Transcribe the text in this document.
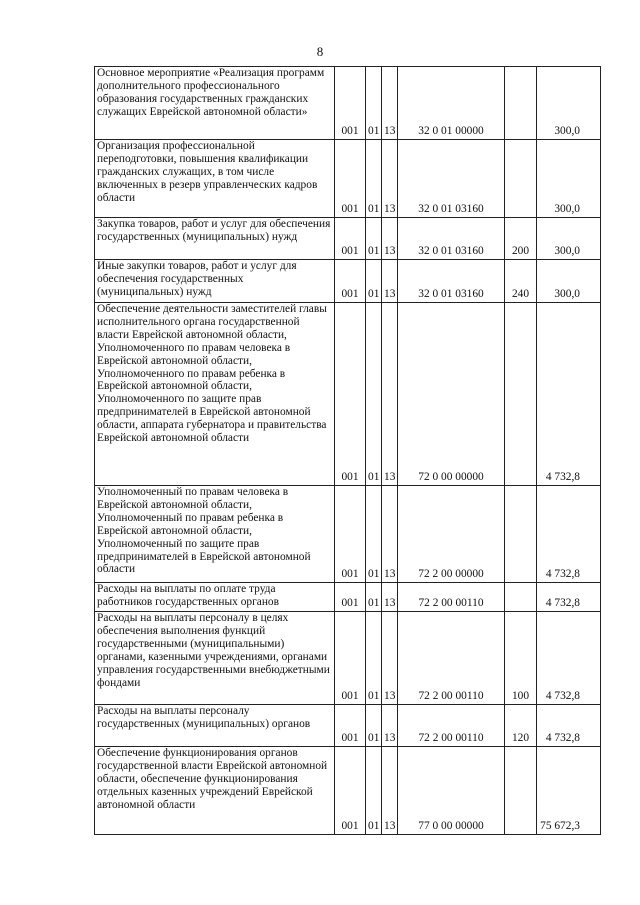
8
Основное мероприятие «Реализация программ дополнительного профессионального образования государственных гражданских служащих Еврейской автономной области»	001	01	13	32 0 01 00000		300,0
Организация профессиональной переподготовки, повышения квалификации гражданских служащих, в том числе включенных в резерв управленческих кадров области	001	01	13	32 0 01 03160		300,0
Закупка товаров, работ и услуг для обеспечения государственных (муниципальных) нужд	001	01	13	32 0 01 03160	200	300,0
Иные закупки товаров, работ и услуг для обеспечения государственных (муниципальных) нужд	001	01	13	32 0 01 03160	240	300,0
Обеспечение деятельности заместителей главы исполнительного органа государственной власти Еврейской автономной области, Уполномоченного по правам человека в Еврейской автономной области, Уполномоченного по правам ребенка в Еврейской автономной области, Уполномоченного по защите прав предпринимателей в Еврейской автономной области, аппарата губернатора и правительства Еврейской автономной области	001	01	13	72 0 00 00000		4 732,8
Уполномоченный по правам человека в Еврейской автономной области, Уполномоченный по правам ребенка в Еврейской автономной области, Уполномоченный по защите прав предпринимателей в Еврейской автономной области	001	01	13	72 2 00 00000		4 732,8
Расходы на выплаты по оплате труда работников государственных органов	001	01	13	72 2 00 00110		4 732,8
Расходы на выплаты персоналу в целях обеспечения выполнения функций государственными (муниципальными) органами, казенными учреждениями, органами управления государственными внебюджетными фондами	001	01	13	72 2 00 00110	100	4 732,8
Расходы на выплаты персоналу государственных (муниципальных) органов	001	01	13	72 2 00 00110	120	4 732,8
Обеспечение функционирования органов государственной власти Еврейской автономной области, обеспечение функционирования отдельных казенных учреждений Еврейской автономной области	001	01	13	77 0 00 00000		75 672,3
